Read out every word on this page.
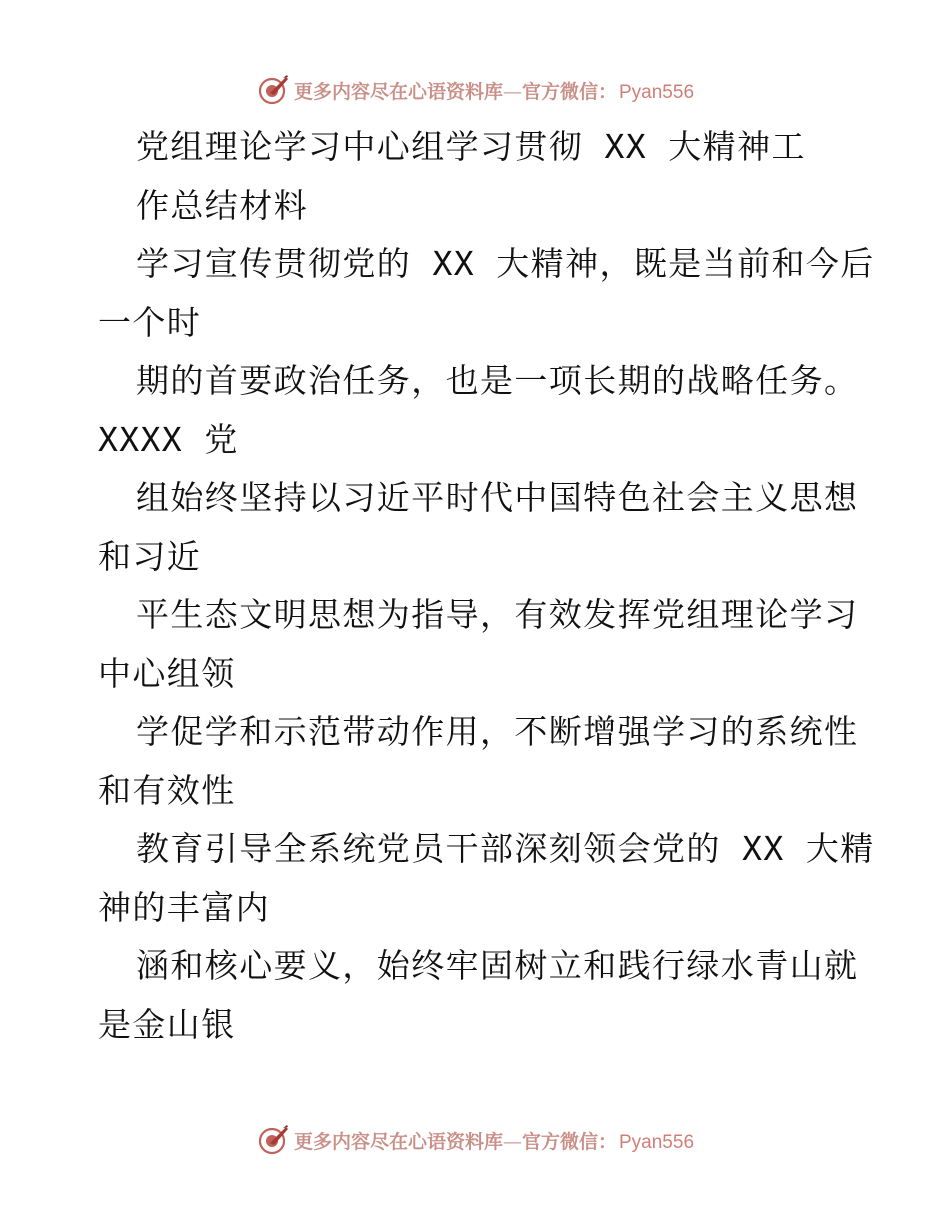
更多内容尽在心语资料库—官方微信： Pyan556
党组理论学习中心组学习贯彻 XX 大精神工
作总结材料
学习宣传贯彻党的 XX 大精神，既是当前和今后
一个时
期的首要政治任务，也是一项长期的战略任务。
XXXX 党
组始终坚持以习近平时代中国特色社会主义思想
和习近
平生态文明思想为指导，有效发挥党组理论学习
中心组领
学促学和示范带动作用，不断增强学习的系统性
和有效性
教育引导全系统党员干部深刻领会党的 XX 大精
神的丰富内
涵和核心要义，始终牢固树立和践行绿水青山就
是金山银
更多内容尽在心语资料库—官方微信： Pyan556
